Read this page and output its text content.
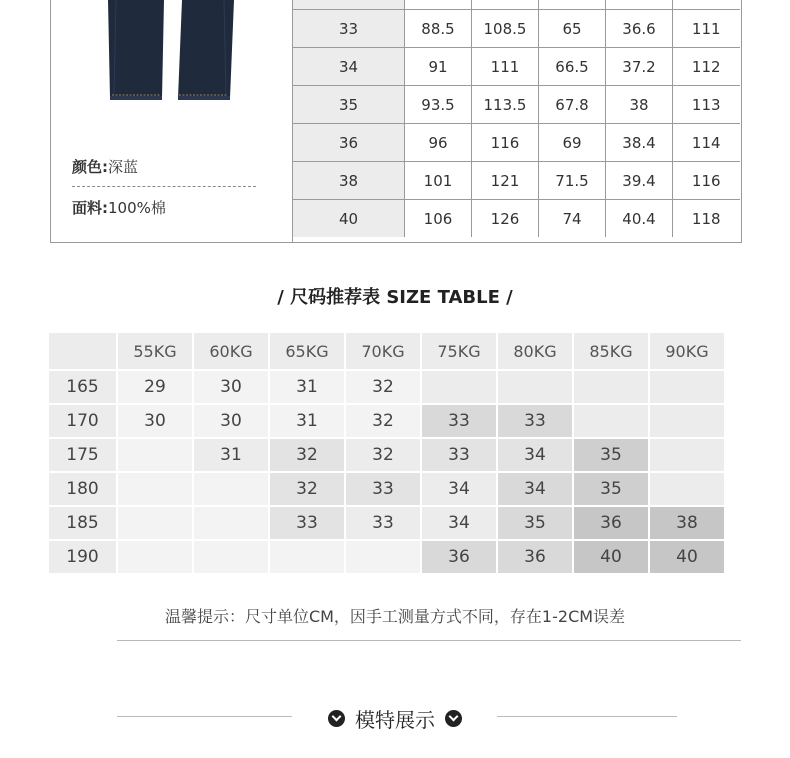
颜色:深蓝
面料:100%棉

33	88.5	108.5	65	36.6	111
34	91	111	66.5	37.2	112
35	93.5	113.5	67.8	38	113
36	96	116	69	38.4	114
38	101	121	71.5	39.4	116
40	106	126	74	40.4	118
/ 尺码推荐表 SIZE TABLE /
	55KG	60KG	65KG	70KG	75KG	80KG	85KG	90KG
165	29	30	31	32				
170	30	30	31	32	33	33		
175		31	32	32	33	34	35	
180			32	33	34	34	35	
185			33	33	34	35	36	38
190					36	36	40	40
温馨提示：尺寸单位CM，因手工测量方式不同，存在1-2CM误差
模特展示
